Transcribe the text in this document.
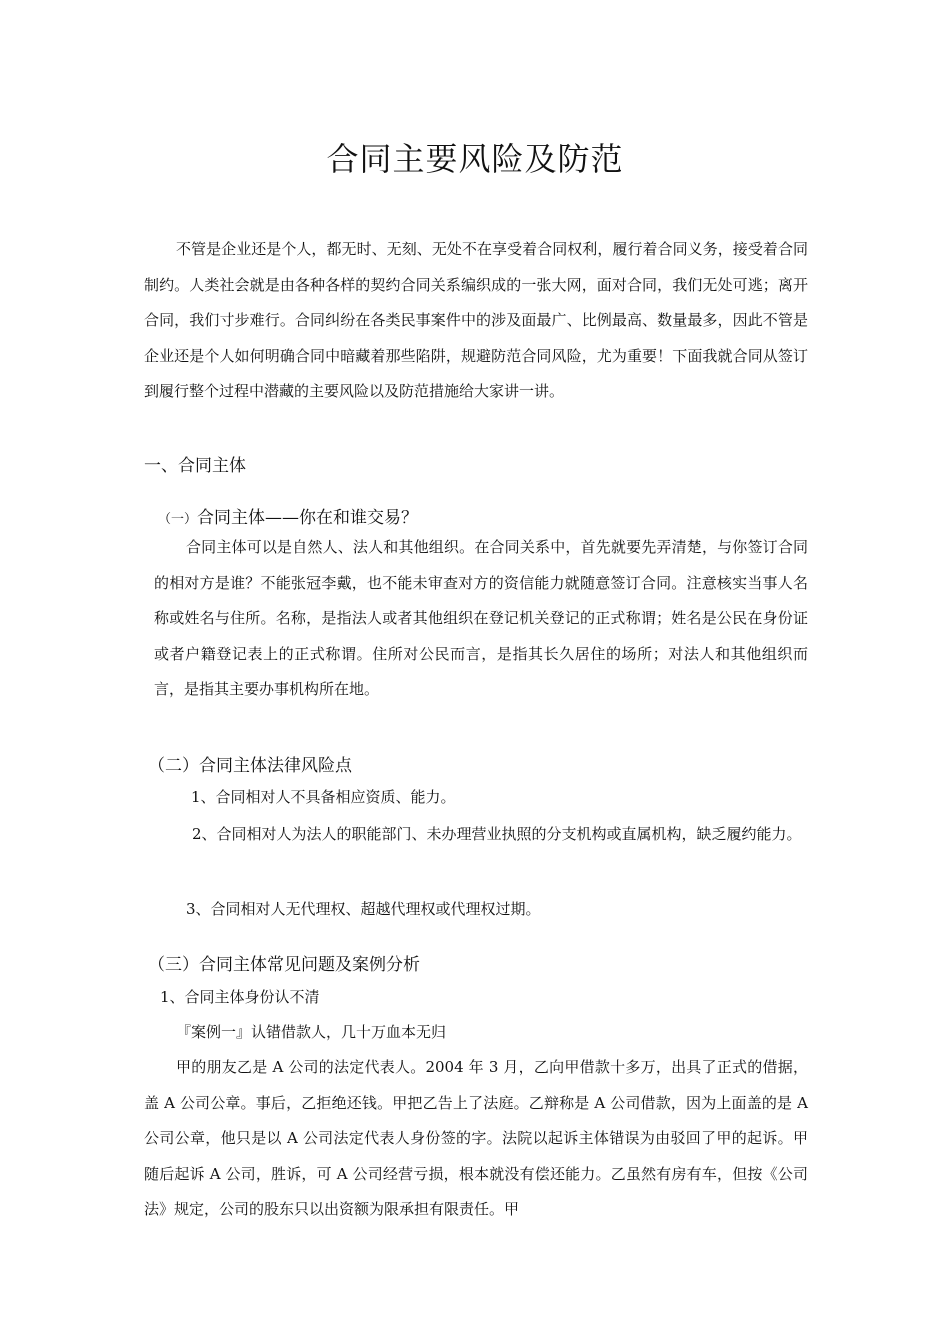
合同主要风险及防范

不管是企业还是个人，都无时、无刻、无处不在享受着合同权利，履行着合同义务，接受着合同制约。人类社会就是由各种各样的契约合同关系编织成的一张大网，面对合同，我们无处可逃；离开合同，我们寸步难行。合同纠纷在各类民事案件中的涉及面最广、比例最高、数量最多，因此不管是企业还是个人如何明确合同中暗藏着那些陷阱，规避防范合同风险，尤为重要！下面我就合同从签订到履行整个过程中潜藏的主要风险以及防范措施给大家讲一讲。

一、合同主体

（一）合同主体——你在和谁交易？

合同主体可以是自然人、法人和其他组织。在合同关系中，首先就要先弄清楚，与你签订合同的相对方是谁？不能张冠李戴，也不能未审查对方的资信能力就随意签订合同。注意核实当事人名称或姓名与住所。名称，是指法人或者其他组织在登记机关登记的正式称谓；姓名是公民在身份证或者户籍登记表上的正式称谓。住所对公民而言，是指其长久居住的场所；对法人和其他组织而言，是指其主要办事机构所在地。

（二）合同主体法律风险点

1、合同相对人不具备相应资质、能力。

2、合同相对人为法人的职能部门、未办理营业执照的分支机构或直属机构，缺乏履约能力。

3、合同相对人无代理权、超越代理权或代理权过期。

（三）合同主体常见问题及案例分析

1、合同主体身份认不清

『案例一』认错借款人，几十万血本无归

甲的朋友乙是 A 公司的法定代表人。2004 年 3 月，乙向甲借款十多万，出具了正式的借据，盖 A 公司公章。事后，乙拒绝还钱。甲把乙告上了法庭。乙辩称是 A 公司借款，因为上面盖的是 A 公司公章，他只是以 A 公司法定代表人身份签的字。法院以起诉主体错误为由驳回了甲的起诉。甲随后起诉 A 公司，胜诉，可 A 公司经营亏损，根本就没有偿还能力。乙虽然有房有车，但按《公司法》规定，公司的股东只以出资额为限承担有限责任。甲
